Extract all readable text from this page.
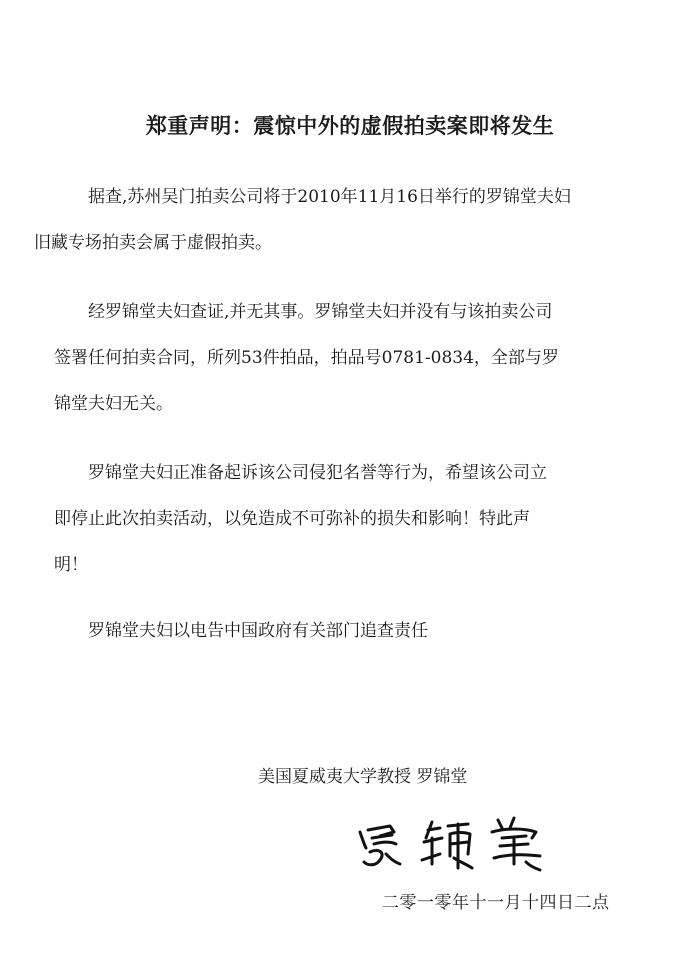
郑重声明：震惊中外的虚假拍卖案即将发生
据查,苏州吴门拍卖公司将于2010年11月16日举行的罗锦堂夫妇
旧藏专场拍卖会属于虚假拍卖。
经罗锦堂夫妇查证,并无其事。罗锦堂夫妇并没有与该拍卖公司
签署任何拍卖合同，所列53件拍品，拍品号0781-0834，全部与罗
锦堂夫妇无关。
罗锦堂夫妇正准备起诉该公司侵犯名誉等行为，希望该公司立
即停止此次拍卖活动，以免造成不可弥补的损失和影响！特此声
明！
罗锦堂夫妇以电告中国政府有关部门追查责任

美国夏威夷大学教授 罗锦堂

二零一零年十一月十四日二点
